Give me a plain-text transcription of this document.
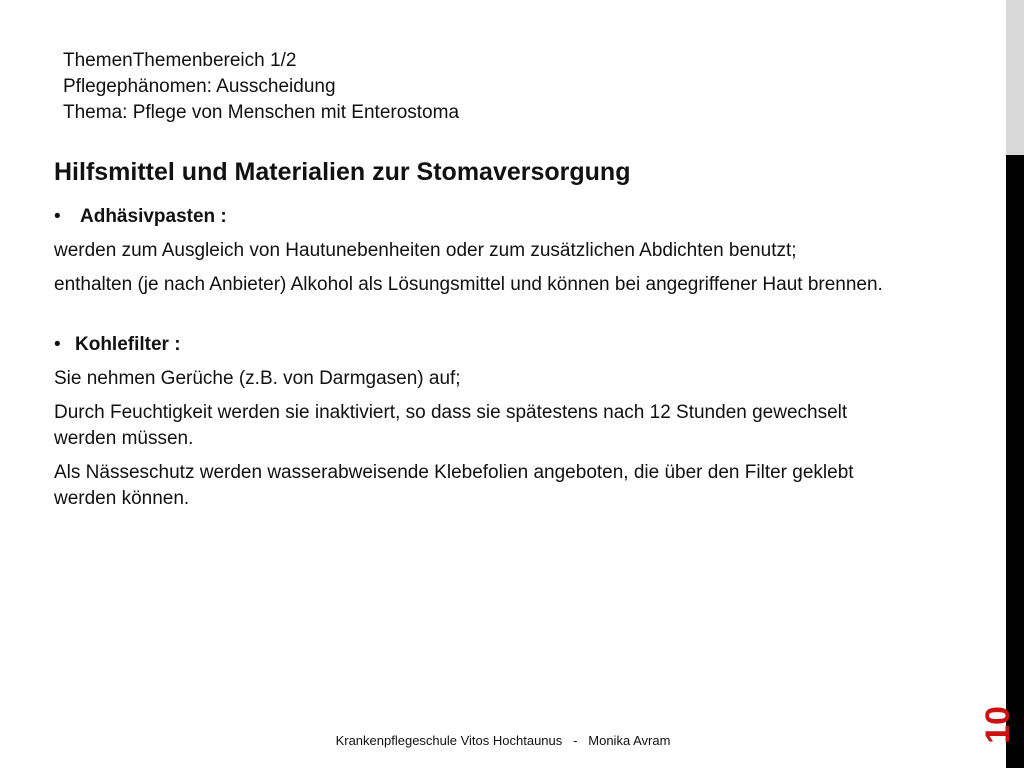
ThemenThemenbereich 1/2
Pflegephänomen: Ausscheidung
Thema: Pflege von Menschen mit Enterostoma
Hilfsmittel und Materialien zur Stomaversorgung
•	Adhäsivpasten :
werden zum Ausgleich von Hautunebenheiten oder zum zusätzlichen Abdichten benutzt;
enthalten (je nach Anbieter) Alkohol als Lösungsmittel und können bei angegriffener Haut brennen.
• Kohlefilter :
Sie nehmen Gerüche (z.B. von Darmgasen) auf;
Durch Feuchtigkeit werden sie inaktiviert, so dass sie spätestens nach 12 Stunden gewechselt werden müssen.
Als Nässeschutz werden wasserabweisende Klebefolien angeboten, die über den Filter geklebt werden können.
Krankenpflegeschule Vitos Hochtaunus   -   Monika Avram	10
